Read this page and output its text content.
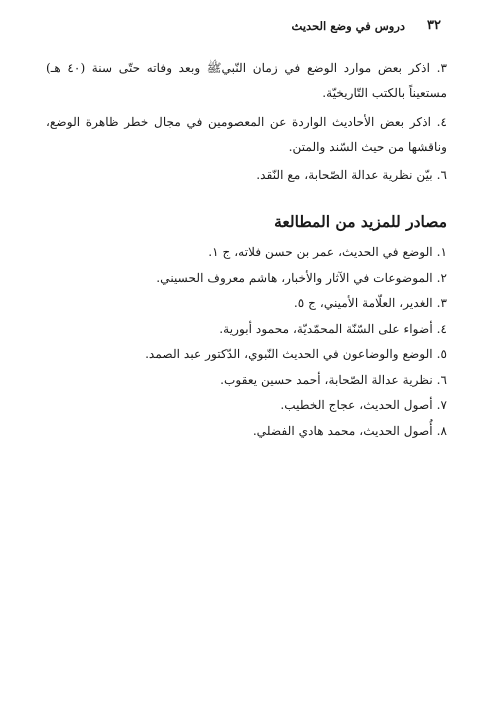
٣٢
دروس في وضع الحديث

٣. اذكر بعض موارد الوضع في زمان النّبيﷺ وبعد وفاته حتّى سنة (٤٠ هـ) مستعيناً بالكتب التّاريخيّة.

٤. اذكر بعض الأحاديث الواردة عن المعصومين في مجال خطر ظاهرة الوضع، وناقشها من حيث السّند والمتن.

٦. بيّن نظرية عدالة الصّحابة، مع النّقد.

مصادر للمزيد من المطالعة
١. الوضع في الحديث، عمر بن حسن فلاته، ج ١.
٢. الموضوعات في الآثار والأخبار، هاشم معروف الحسيني.
٣. الغدير، العلّامة الأميني، ج ٥.
٤. أضواء على السّنّة المحمّديّة، محمود أبورية.
٥. الوضع والوضاعون في الحديث النّبوي، الدّكتور عبد الصمد.
٦. نظرية عدالة الصّحابة، أحمد حسين يعقوب.
٧. أصول الحديث، عجاج الخطيب.
٨. أُصول الحديث، محمد هادي الفضلي.
